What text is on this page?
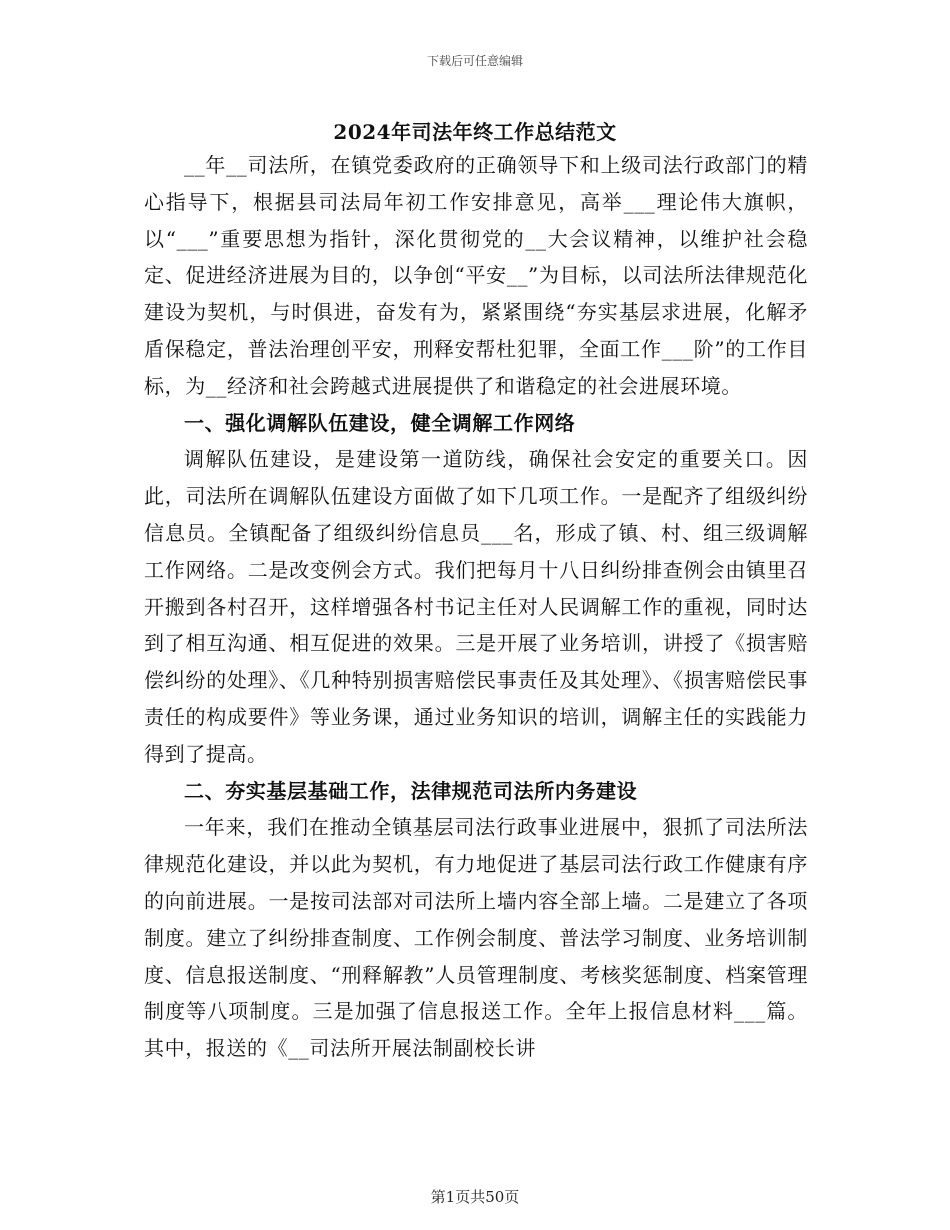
下载后可任意编辑
2024年司法年终工作总结范文

__年__司法所，在镇党委政府的正确领导下和上级司法行政部门的精心指导下，根据县司法局年初工作安排意见，高举___理论伟大旗帜，以“___”重要思想为指针，深化贯彻党的__大会议精神，以维护社会稳定、促进经济进展为目的，以争创“平安__”为目标，以司法所法律规范化建设为契机，与时俱进，奋发有为，紧紧围绕“夯实基层求进展，化解矛盾保稳定，普法治理创平安，刑释安帮杜犯罪，全面工作___阶”的工作目标，为__经济和社会跨越式进展提供了和谐稳定的社会进展环境。

一、强化调解队伍建设，健全调解工作网络

调解队伍建设，是建设第一道防线，确保社会安定的重要关口。因此，司法所在调解队伍建设方面做了如下几项工作。一是配齐了组级纠纷信息员。全镇配备了组级纠纷信息员___名，形成了镇、村、组三级调解工作网络。二是改变例会方式。我们把每月十八日纠纷排查例会由镇里召开搬到各村召开，这样增强各村书记主任对人民调解工作的重视，同时达到了相互沟通、相互促进的效果。三是开展了业务培训，讲授了《损害赔偿纠纷的处理》、《几种特别损害赔偿民事责任及其处理》、《损害赔偿民事责任的构成要件》等业务课，通过业务知识的培训，调解主任的实践能力得到了提高。

二、夯实基层基础工作，法律规范司法所内务建设

一年来，我们在推动全镇基层司法行政事业进展中，狠抓了司法所法律规范化建设，并以此为契机，有力地促进了基层司法行政工作健康有序的向前进展。一是按司法部对司法所上墙内容全部上墙。二是建立了各项制度。建立了纠纷排查制度、工作例会制度、普法学习制度、业务培训制度、信息报送制度、“刑释解教”人员管理制度、考核奖惩制度、档案管理制度等八项制度。三是加强了信息报送工作。全年上报信息材料___篇。其中，报送的《__司法所开展法制副校长讲

第1页共50页
